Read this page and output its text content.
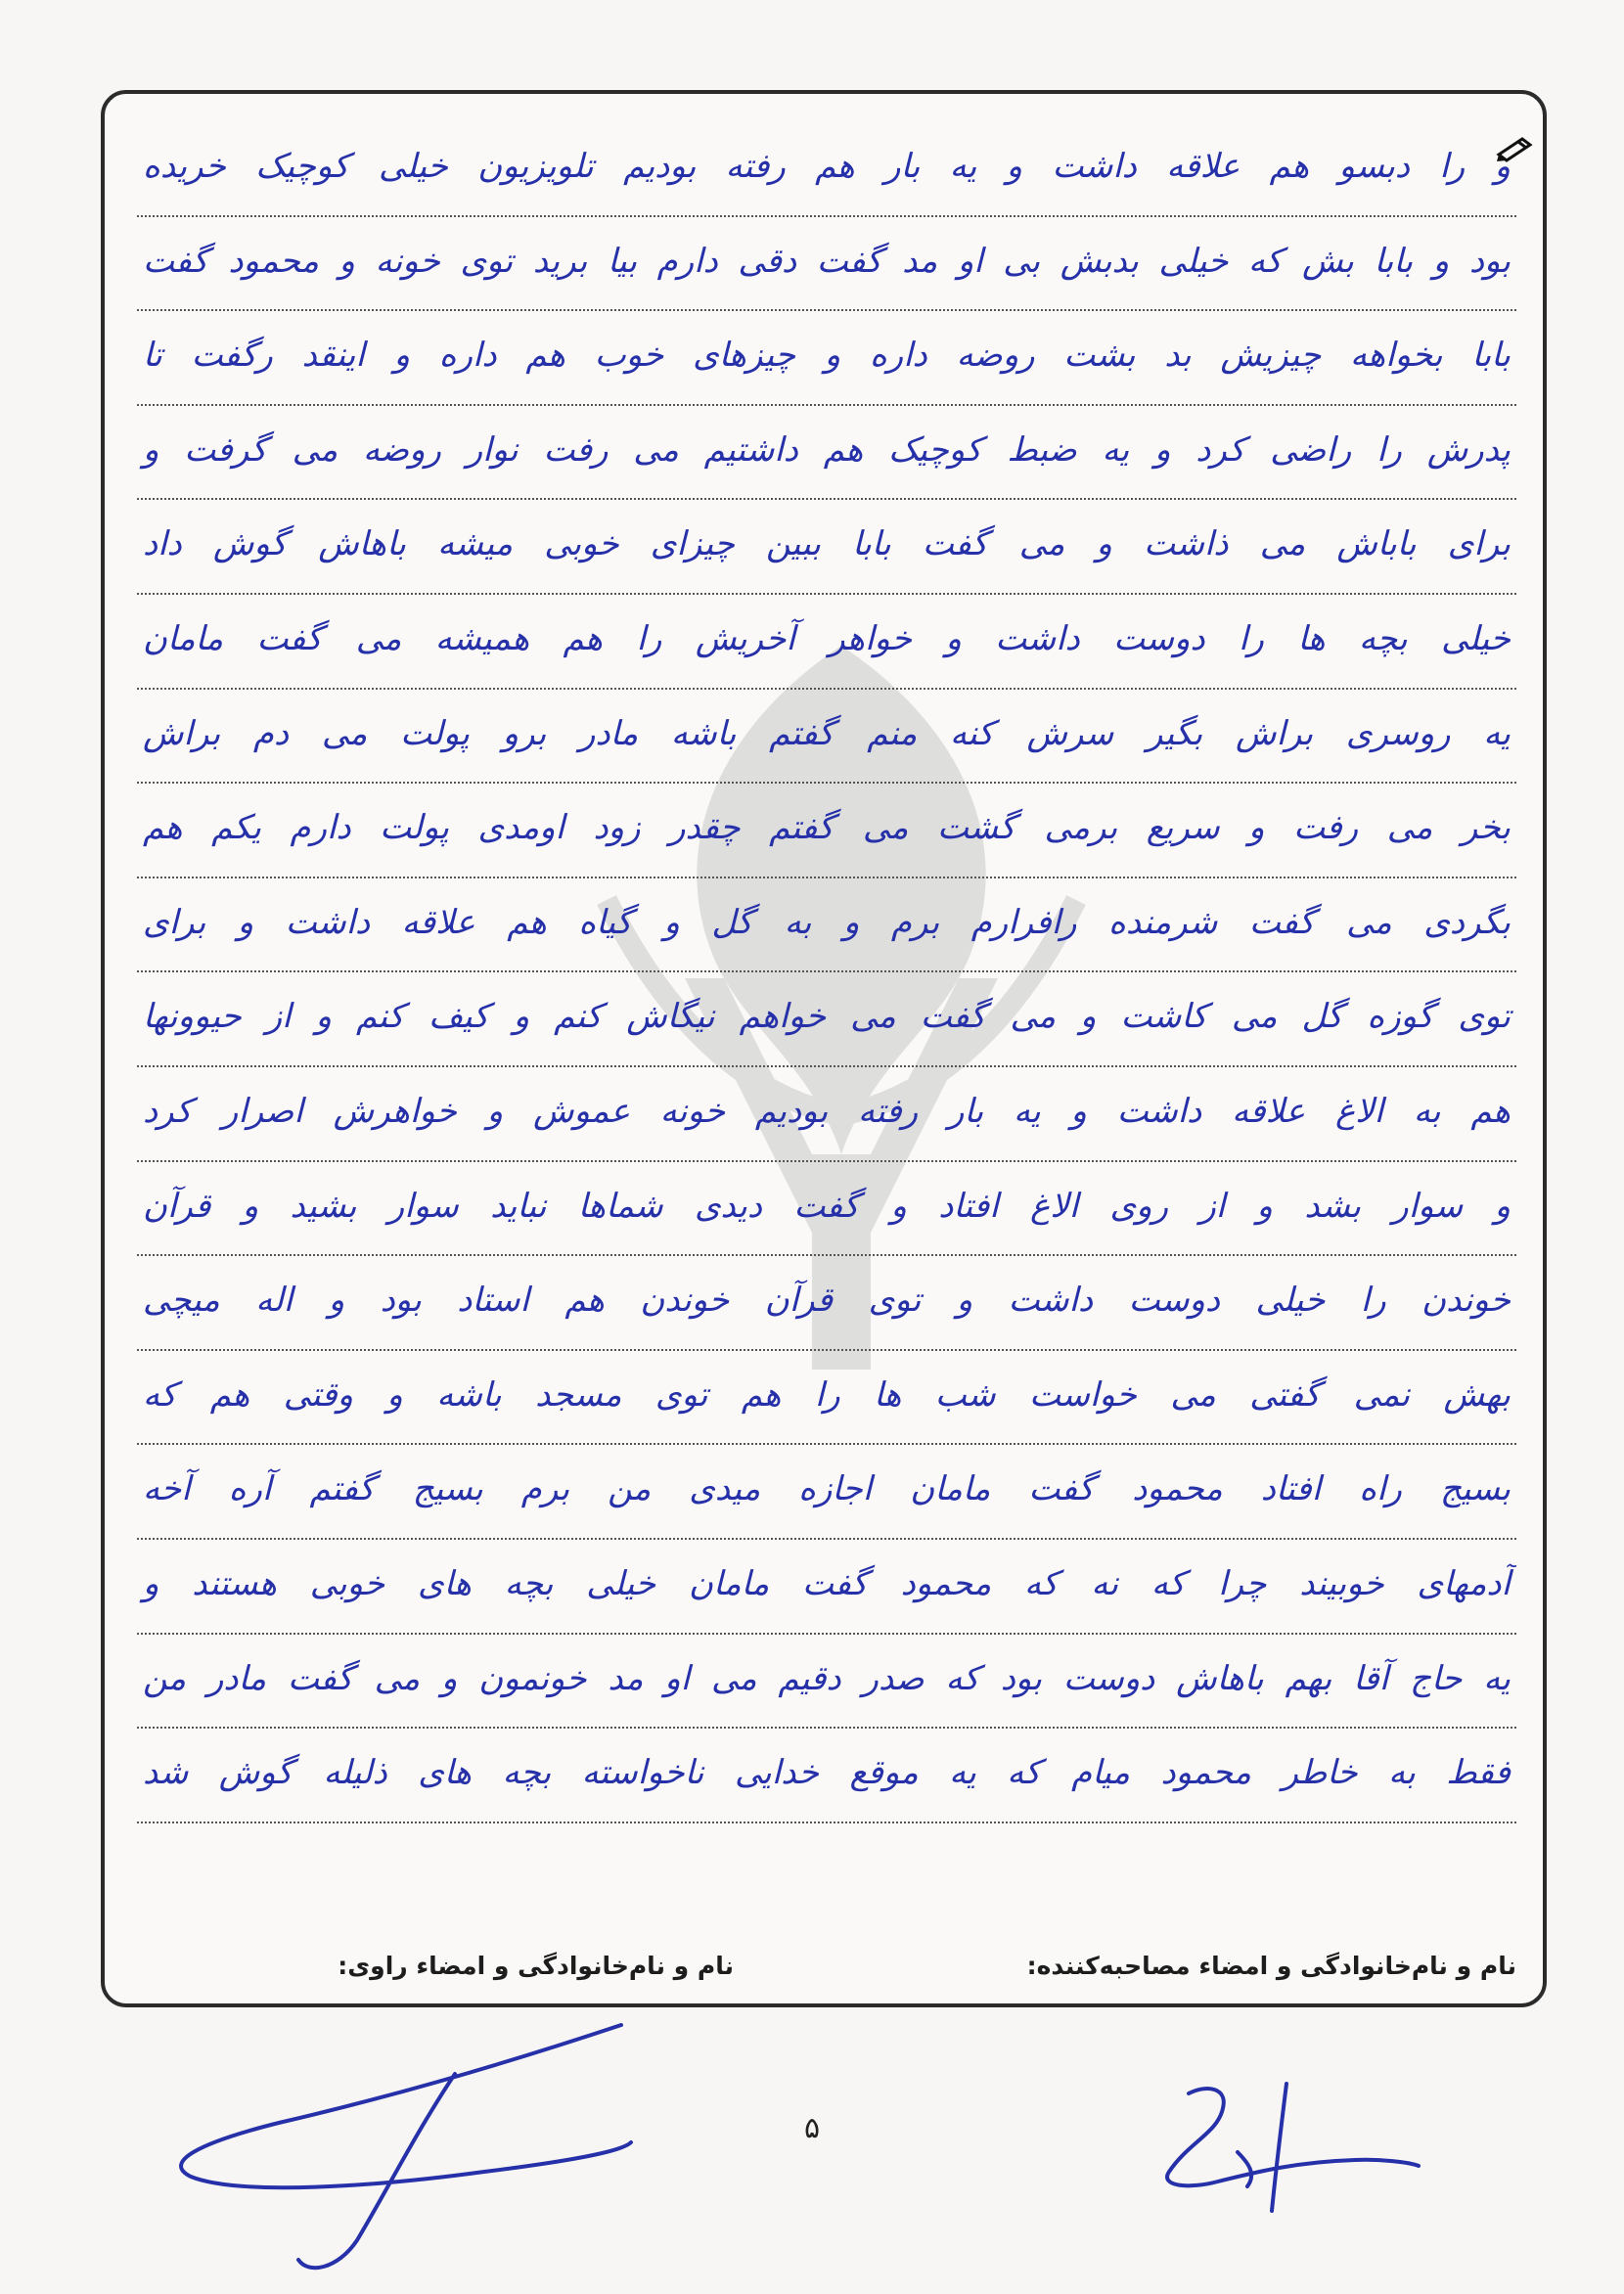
و را دبسو هم علاقه داشت و یه بار هم رفته بودیم تلویزیون خیلی کوچیک خریده
بود و بابا بش که خیلی بدبش بی او مد گفت دقی دارم بیا برید توی خونه و محمود گفت
بابا بخواهه چیزیش بد بشت روضه داره و چیزهای خوب هم داره و اینقد رگفت تا
پدرش را راضی کرد و یه ضبط کوچیک هم داشتیم می رفت نوار روضه می گرفت و
برای باباش می ذاشت و می گفت بابا ببین چیزای خوبی میشه باهاش گوش داد
خیلی بچه ها را دوست داشت و خواهر آخریش را هم همیشه می گفت مامان
یه روسری براش بگیر سرش کنه منم گفتم باشه مادر برو پولت می دم براش
بخر می رفت و سریع برمی گشت می گفتم چقدر زود اومدی پولت دارم یکم هم
بگردی می گفت شرمنده رافرارم برم و به گل و گیاه هم علاقه داشت و برای
توی گوزه گل می کاشت و می گفت می خواهم نیگاش کنم و کیف کنم و از حیوونها
هم به الاغ علاقه داشت و یه بار رفته بودیم خونه عموش و خواهرش اصرار کرد
و سوار بشد و از روی الاغ افتاد و گفت دیدی شماها نباید سوار بشید و قرآن
خوندن را خیلی دوست داشت و توی قرآن خوندن هم استاد بود و اله میچی
بهش نمی گفتی می خواست شب ها را هم توی مسجد باشه و وقتی هم که
بسیج راه افتاد محمود گفت مامان اجازه میدی من برم بسیج گفتم آره آخه
آدمهای خوبیند چرا که نه که محمود گفت مامان خیلی بچه های خوبی هستند و
یه حاج آقا بهم باهاش دوست بود که صدر دقیم می او مد خونمون و می گفت مادر من
فقط به خاطر محمود میام که یه موقع خدایی ناخواسته بچه های ذلیله گوش شد
نام و نام‌خانوادگی و امضاء مصاحبه‌کننده:
نام و نام‌خانوادگی و امضاء راوی:
۵
